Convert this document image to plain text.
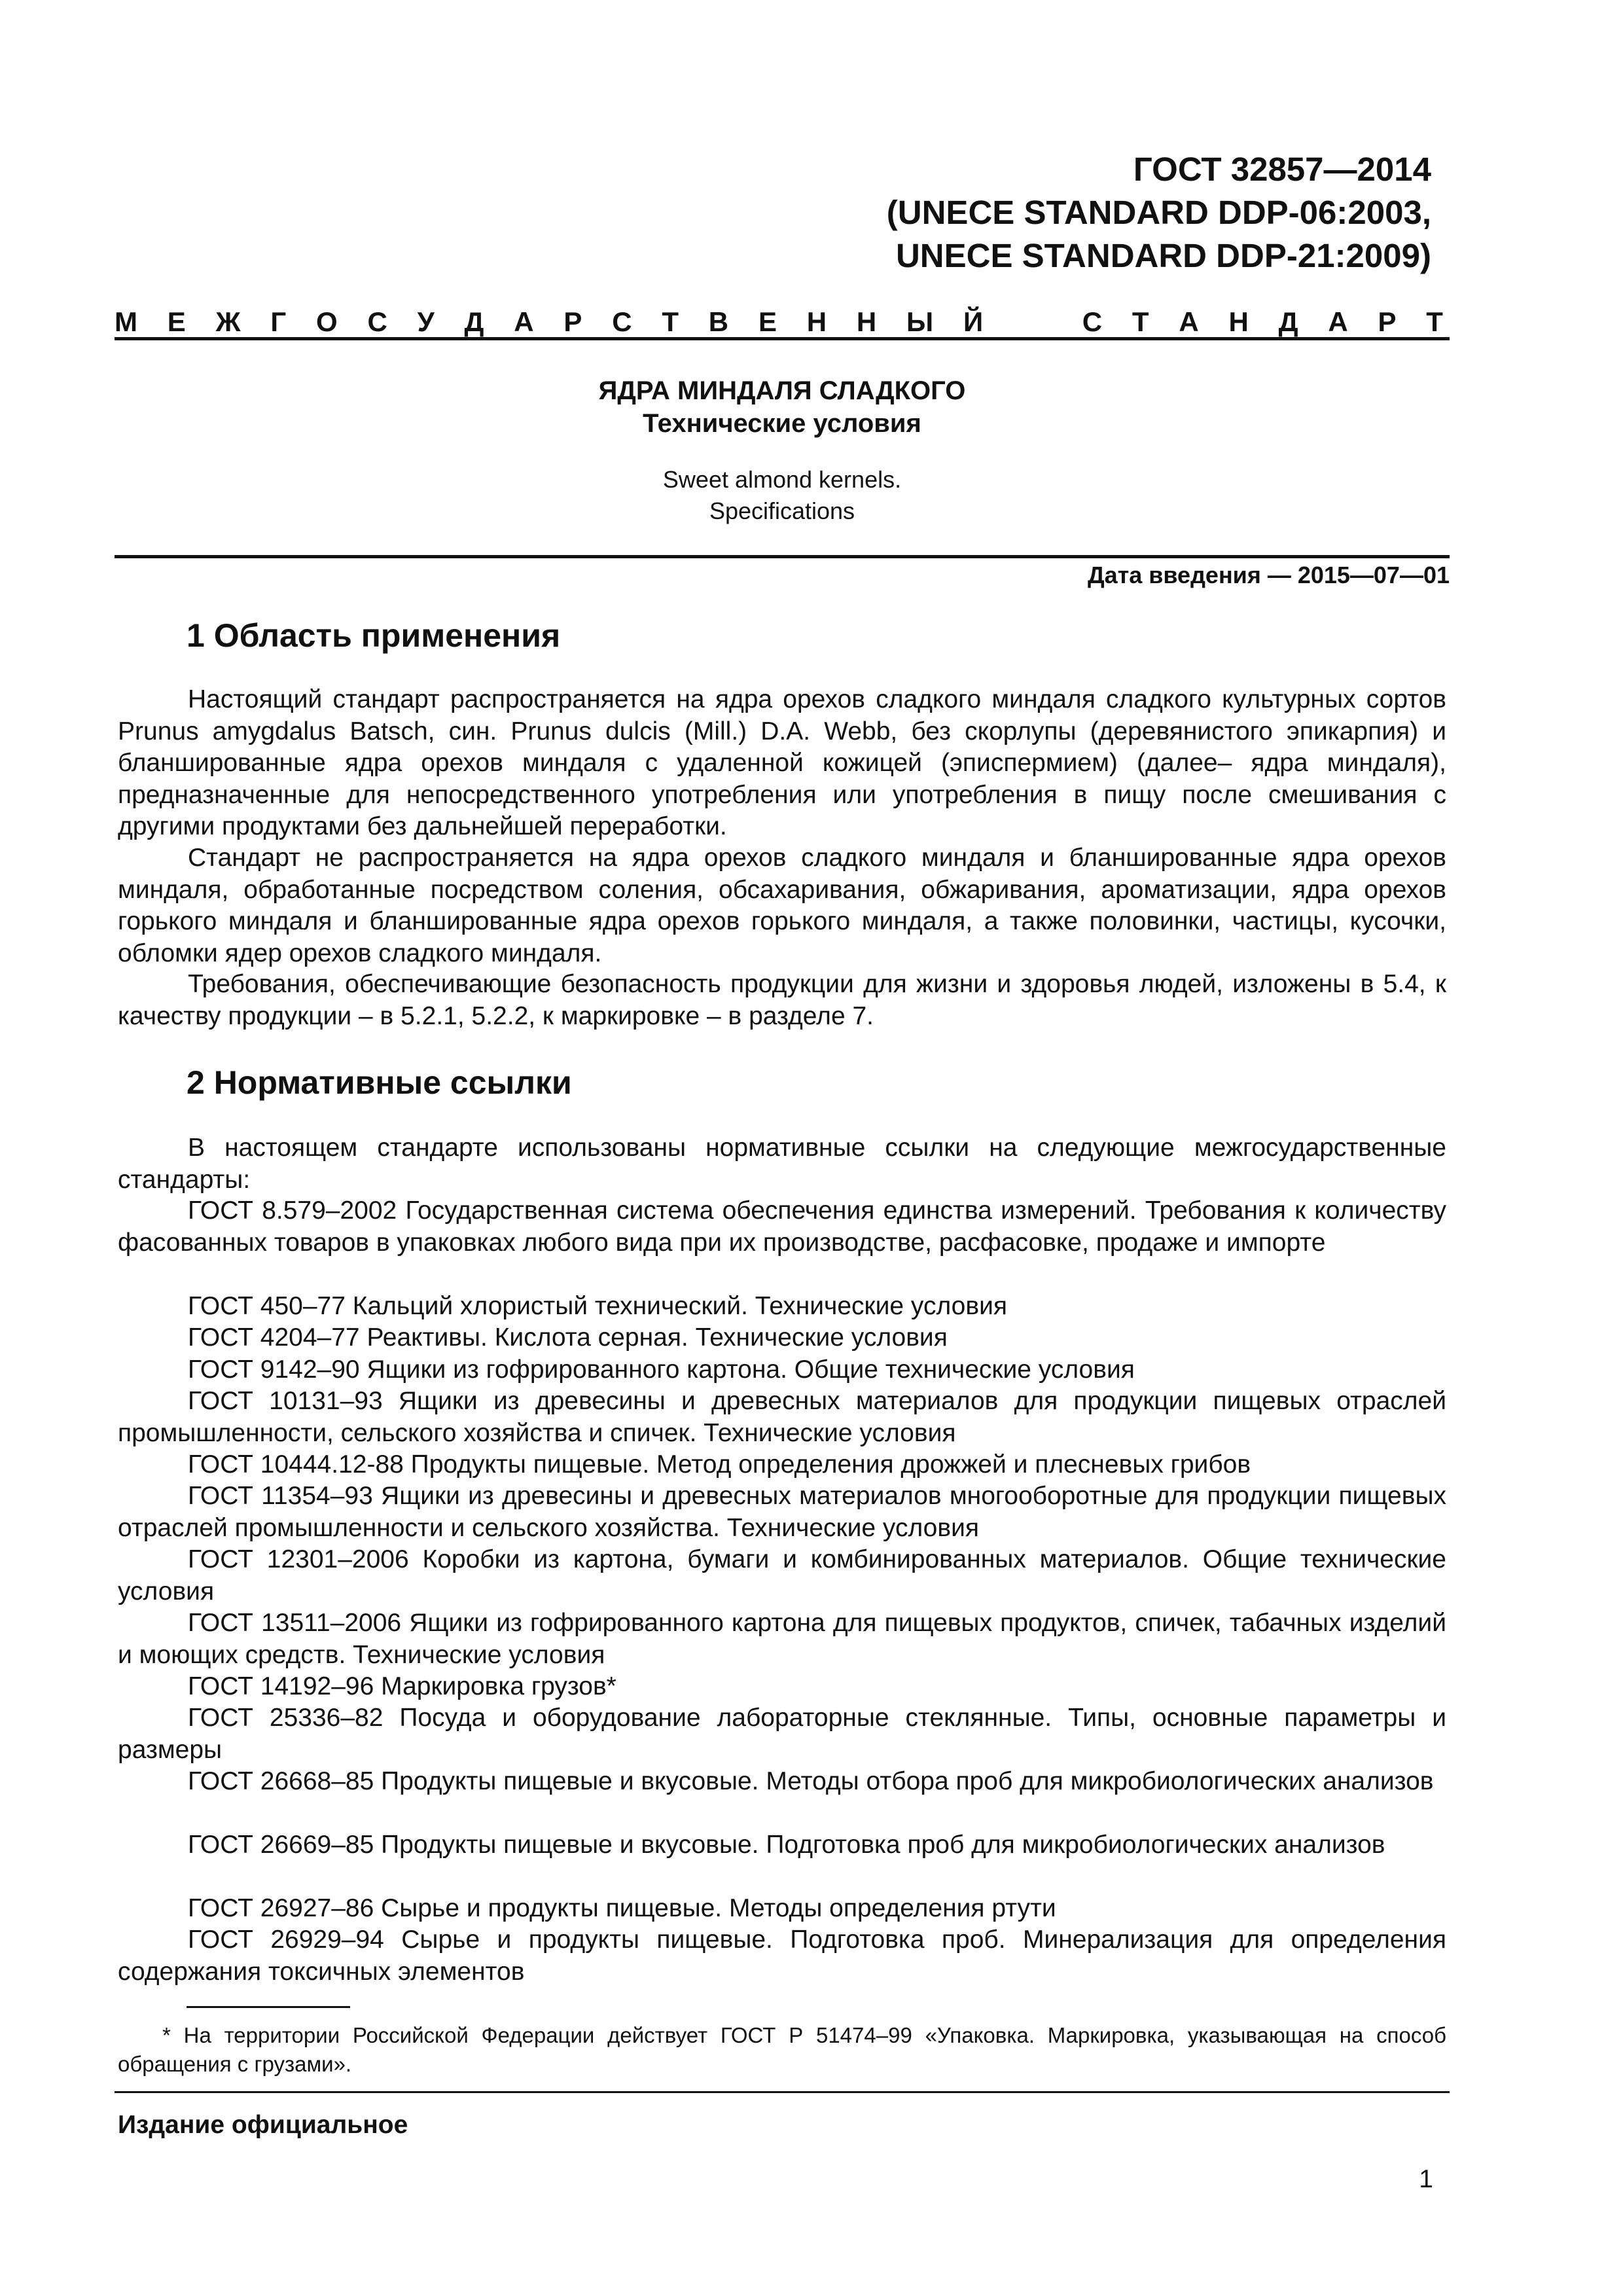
ГОСТ 32857—2014
(UNECE STANDARD DDP-06:2003,
UNECE STANDARD DDP-21:2009)
М Е Ж Г О С У Д А Р С Т В Е Н Н Ы Й	С Т А Н Д А Р Т
ЯДРА МИНДАЛЯ СЛАДКОГО
Технические условия
Sweet almond kernels.
Specifications
Дата введения — 2015—07—01
1 Область применения
Настоящий стандарт распространяется на ядра орехов сладкого миндаля сладкого культурных сортов Prunus amygdalus Batsch, син. Prunus dulcis (Mill.) D.A. Webb, без скорлупы (деревянистого эпикарпия) и бланшированные ядра орехов миндаля с удаленной кожицей (эписпермием) (далее– ядра миндаля), предназначенные для непосредственного употребления или употребления в пищу после смешивания с другими продуктами без дальнейшей переработки.
Стандарт не распространяется на ядра орехов сладкого миндаля и бланшированные ядра орехов миндаля, обработанные посредством соления, обсахаривания, обжаривания, ароматизации, ядра орехов горького миндаля и бланшированные ядра орехов горького миндаля, а также половинки, частицы, кусочки, обломки ядер орехов сладкого миндаля.
Требования, обеспечивающие безопасность продукции для жизни и здоровья людей, изложены в 5.4, к качеству продукции – в 5.2.1, 5.2.2, к маркировке – в разделе 7.
2 Нормативные ссылки
В настоящем стандарте использованы нормативные ссылки на следующие межгосударственные стандарты:
ГОСТ 8.579–2002 Государственная система обеспечения единства измерений. Требования к количеству фасованных товаров в упаковках любого вида при их производстве, расфасовке, продаже и импорте
ГОСТ 450–77 Кальций хлористый технический. Технические условия
ГОСТ 4204–77 Реактивы. Кислота серная. Технические условия
ГОСТ 9142–90 Ящики из гофрированного картона. Общие технические условия
ГОСТ 10131–93 Ящики из древесины и древесных материалов для продукции пищевых отраслей промышленности, сельского хозяйства и спичек. Технические условия
ГОСТ 10444.12-88 Продукты пищевые. Метод определения дрожжей и плесневых грибов
ГОСТ 11354–93 Ящики из древесины и древесных материалов многооборотные для продукции пищевых отраслей промышленности и сельского хозяйства. Технические условия
ГОСТ 12301–2006 Коробки из картона, бумаги и комбинированных материалов. Общие технические условия
ГОСТ 13511–2006 Ящики из гофрированного картона для пищевых продуктов, спичек, табачных изделий и моющих средств. Технические условия
ГОСТ 14192–96 Маркировка грузов*
ГОСТ 25336–82 Посуда и оборудование лабораторные стеклянные. Типы, основные параметры и размеры
ГОСТ 26668–85 Продукты пищевые и вкусовые. Методы отбора проб для микробиологических анализов
ГОСТ 26669–85 Продукты пищевые и вкусовые. Подготовка проб для микробиологических анализов
ГОСТ 26927–86 Сырье и продукты пищевые. Методы определения ртути
ГОСТ 26929–94 Сырье и продукты пищевые. Подготовка проб. Минерализация для определения содержания токсичных элементов
* На территории Российской Федерации действует ГОСТ Р 51474–99 «Упаковка. Маркировка, указывающая на способ обращения с грузами».
Издание официальное
1
